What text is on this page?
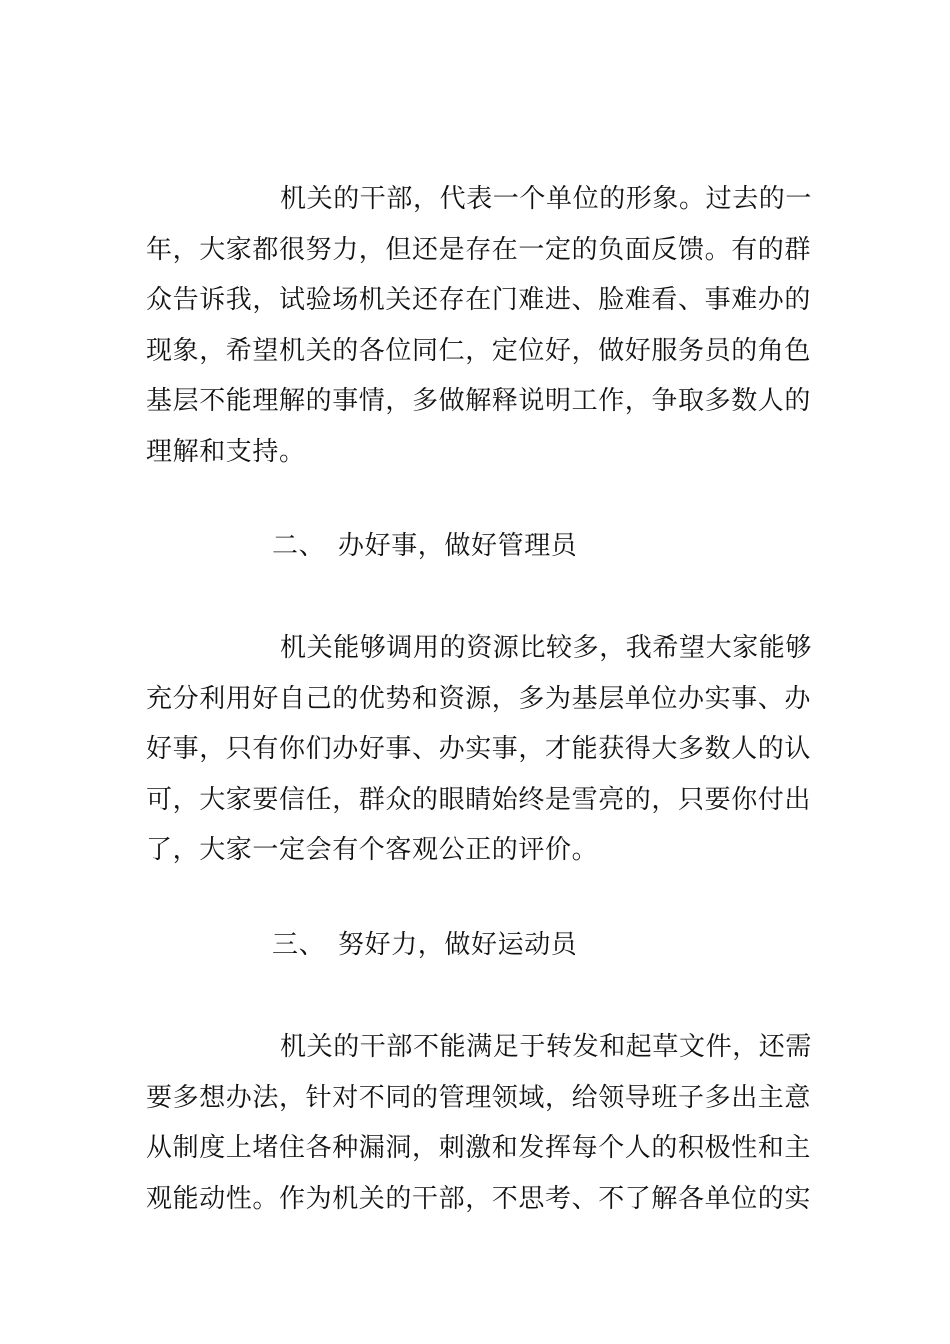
机关的干部，代表一个单位的形象。过去的一
年，大家都很努力，但还是存在一定的负面反馈。有的群
众告诉我，试验场机关还存在门难进、脸难看、事难办的
现象，希望机关的各位同仁，定位好，做好服务员的角色
基层不能理解的事情，多做解释说明工作，争取多数人的
理解和支持。
二、 办好事，做好管理员
机关能够调用的资源比较多，我希望大家能够
充分利用好自己的优势和资源，多为基层单位办实事、办
好事，只有你们办好事、办实事，才能获得大多数人的认
可，大家要信任，群众的眼睛始终是雪亮的，只要你付出
了，大家一定会有个客观公正的评价。
三、 努好力，做好运动员
机关的干部不能满足于转发和起草文件，还需
要多想办法，针对不同的管理领域，给领导班子多出主意
从制度上堵住各种漏洞，刺激和发挥每个人的积极性和主
观能动性。作为机关的干部，不思考、不了解各单位的实
